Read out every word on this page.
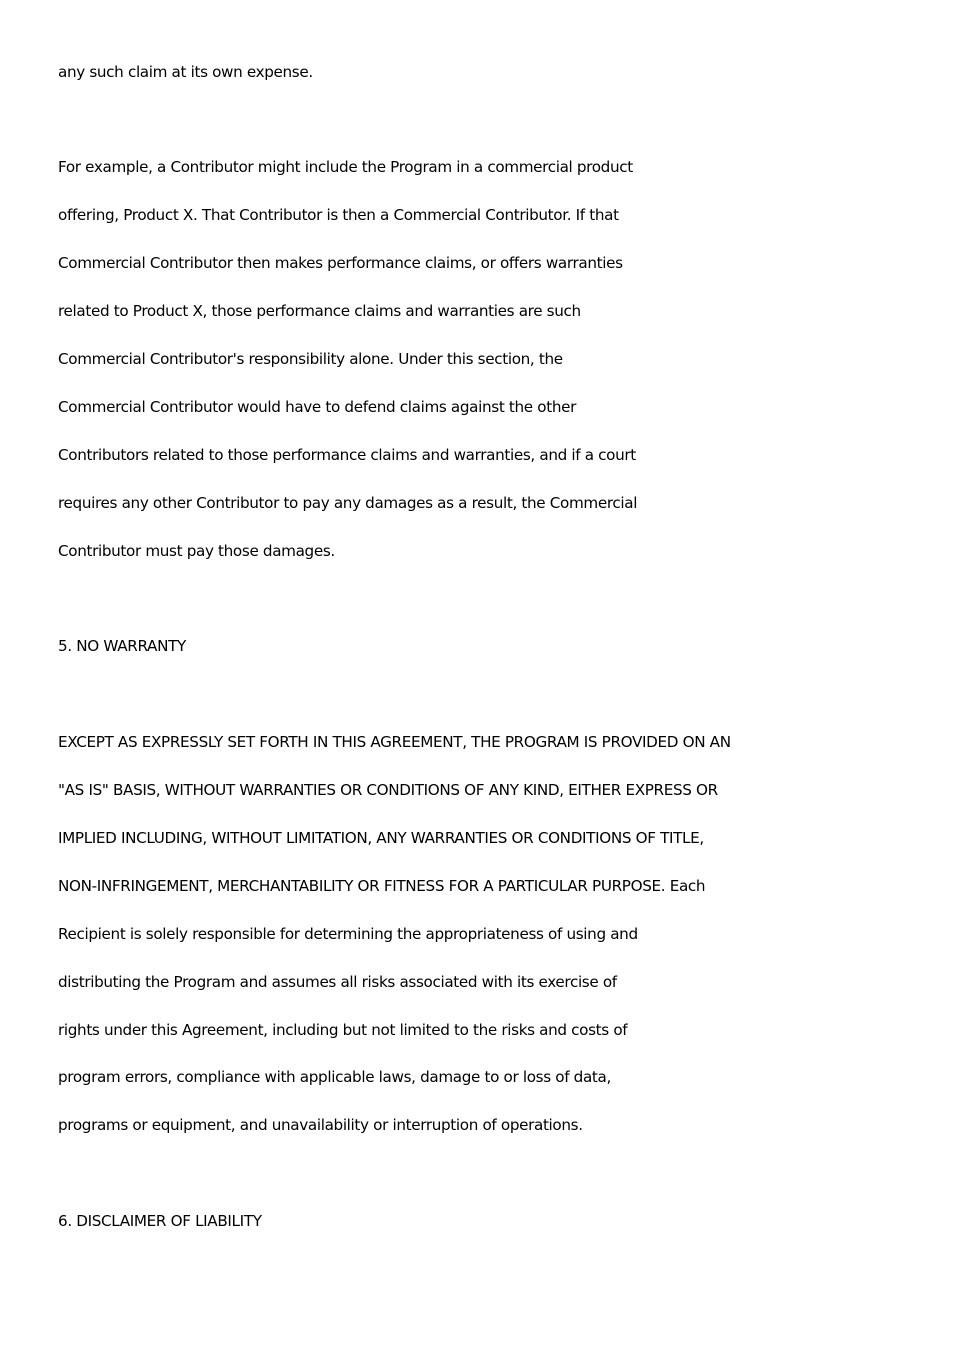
any such claim at its own expense.
For example, a Contributor might include the Program in a commercial product
offering, Product X. That Contributor is then a Commercial Contributor. If that
Commercial Contributor then makes performance claims, or offers warranties
related to Product X, those performance claims and warranties are such
Commercial Contributor's responsibility alone. Under this section, the
Commercial Contributor would have to defend claims against the other
Contributors related to those performance claims and warranties, and if a court
requires any other Contributor to pay any damages as a result, the Commercial
Contributor must pay those damages.
5. NO WARRANTY
EXCEPT AS EXPRESSLY SET FORTH IN THIS AGREEMENT, THE PROGRAM IS PROVIDED ON AN
"AS IS" BASIS, WITHOUT WARRANTIES OR CONDITIONS OF ANY KIND, EITHER EXPRESS OR
IMPLIED INCLUDING, WITHOUT LIMITATION, ANY WARRANTIES OR CONDITIONS OF TITLE,
NON-INFRINGEMENT, MERCHANTABILITY OR FITNESS FOR A PARTICULAR PURPOSE. Each
Recipient is solely responsible for determining the appropriateness of using and
distributing the Program and assumes all risks associated with its exercise of
rights under this Agreement, including but not limited to the risks and costs of
program errors, compliance with applicable laws, damage to or loss of data,
programs or equipment, and unavailability or interruption of operations.
6. DISCLAIMER OF LIABILITY
